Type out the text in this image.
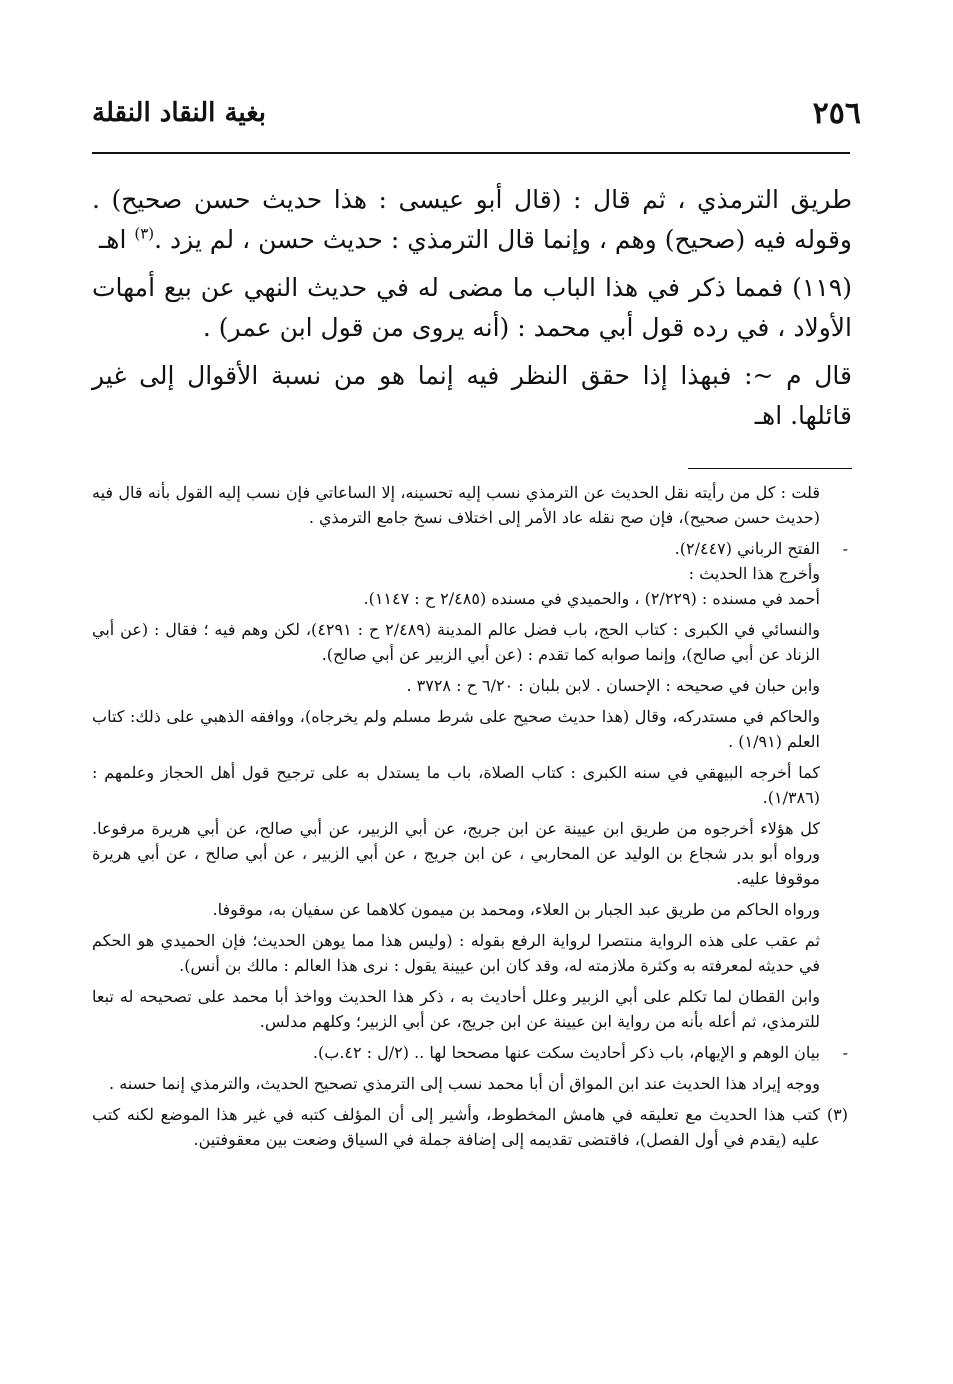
٢٥٦
بغية النقاد النقلة

طريق الترمذي ، ثم قال : (قال أبو عيسى : هذا حديث حسن صحيح) . وقوله فيه (صحيح) وهم ، وإنما قال الترمذي : حديث حسن ، لم يزد .$^{(٣)}$ اهـ

(١١٩) فمما ذكر في هذا الباب ما مضى له في حديث النهي عن بيع أمهات الأولاد ، في رده قول أبي محمد : (أنه يروى من قول ابن عمر) .

قال م ~: فبهذا إذا حقق النظر فيه إنما هو من نسبة الأقوال إلى غير قائلها. اهـ

قلت : كل من رأيته نقل الحديث عن الترمذي نسب إليه تحسينه، إلا الساعاتي فإن نسب إليه القول بأنه قال فيه (حديث حسن صحيح)، فإن صح نقله عاد الأمر إلى اختلاف نسخ جامع الترمذي .

-
الفتح الرباني (٢/٤٤٧).
وأخرج هذا الحديث :
أحمد في مسنده : (٢/٢٢٩) ، والحميدي في مسنده (٢/٤٨٥ ح : ١١٤٧).

والنسائي في الكبرى : كتاب الحج، باب فضل عالم المدينة (٢/٤٨٩ ح : ٤٢٩١)، لكن وهم فيه ؛ فقال : (عن أبي الزناد عن أبي صالح)، وإنما صوابه كما تقدم : (عن أبي الزبير عن أبي صالح).

وابن حبان في صحيحه : الإحسان . لابن بلبان : ٦/٢٠ ح : ٣٧٢٨ .

والحاكم في مستدركه، وقال (هذا حديث صحيح على شرط مسلم ولم يخرجاه)، ووافقه الذهبي على ذلك: كتاب العلم (١/٩١) .

كما أخرجه البيهقي في سنه الكبرى : كتاب الصلاة، باب ما يستدل به على ترجيح قول أهل الحجاز وعلمهم : (١/٣٨٦).

كل هؤلاء أخرجوه من طريق ابن عيينة عن ابن جريج، عن أبي الزبير، عن أبي صالح، عن أبي هريرة مرفوعا. ورواه أبو بدر شجاع بن الوليد عن المحاربي ، عن ابن جريج ، عن أبي الزبير ، عن أبي صالح ، عن أبي هريرة موقوفا عليه.

ورواه الحاكم من طريق عبد الجبار بن العلاء، ومحمد بن ميمون كلاهما عن سفيان به، موقوفا.

ثم عقب على هذه الرواية منتصرا لرواية الرفع بقوله : (وليس هذا مما يوهن الحديث؛ فإن الحميدي هو الحكم في حديثه لمعرفته به وكثرة ملازمته له، وقد كان ابن عيينة يقول : نرى هذا العالم : مالك بن أنس).

وابن القطان لما تكلم على أبي الزبير وعلل أحاديث به ، ذكر هذا الحديث وواخذ أبا محمد على تصحيحه له تبعا للترمذي، ثم أعله بأنه من رواية ابن عيينة عن ابن جريج، عن أبي الزبير؛ وكلهم مدلس.

-
بيان الوهم و الإيهام، باب ذكر أحاديث سكت عنها مصححا لها .. (٢/ل : ٤٢.ب).

ووجه إيراد هذا الحديث عند ابن المواق أن أبا محمد نسب إلى الترمذي تصحيح الحديث، والترمذي إنما حسنه .

(٣)
كتب هذا الحديث مع تعليقه في هامش المخطوط، وأشير إلى أن المؤلف كتبه في غير هذا الموضع لكنه كتب عليه (يقدم في أول الفصل)، فاقتضى تقديمه إلى إضافة جملة في السياق وضعت بين معقوفتين.
